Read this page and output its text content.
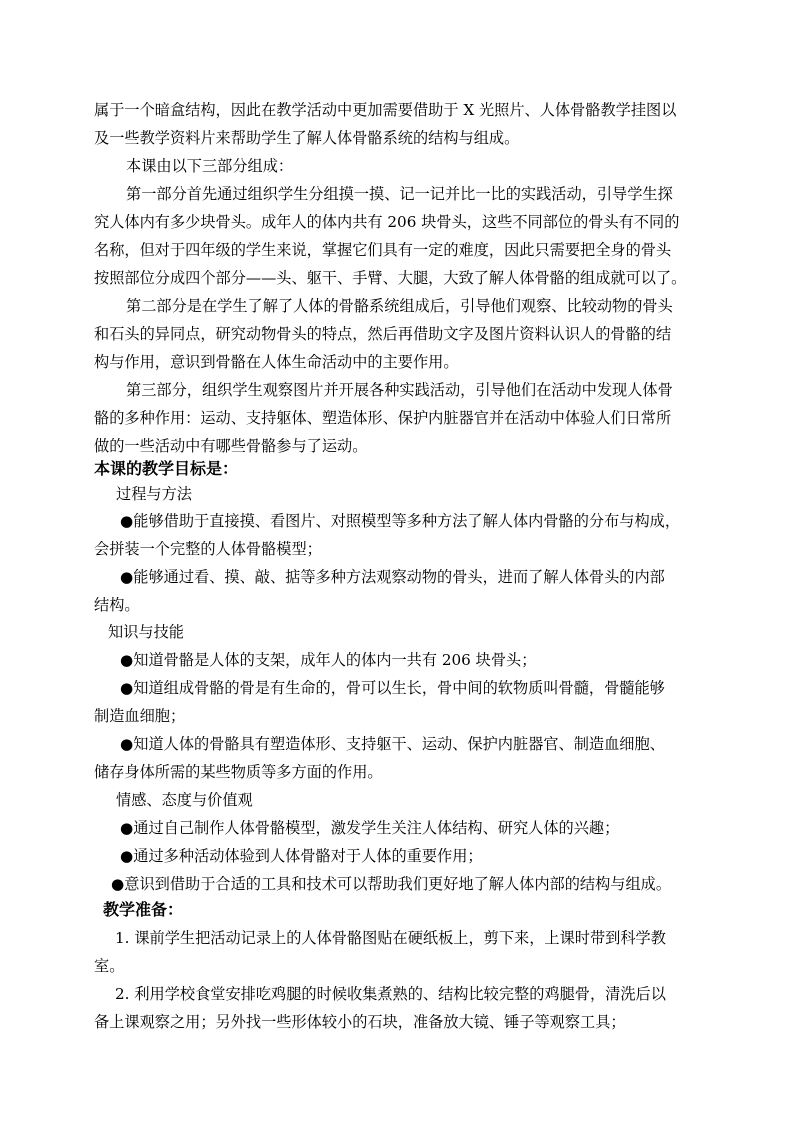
属于一个暗盒结构，因此在教学活动中更加需要借助于 X 光照片、人体骨骼教学挂图以
及一些教学资料片来帮助学生了解人体骨骼系统的结构与组成。
本课由以下三部分组成：
第一部分首先通过组织学生分组摸一摸、记一记并比一比的实践活动，引导学生探
究人体内有多少块骨头。成年人的体内共有 206 块骨头，这些不同部位的骨头有不同的
名称，但对于四年级的学生来说，掌握它们具有一定的难度，因此只需要把全身的骨头
按照部位分成四个部分——头、躯干、手臂、大腿，大致了解人体骨骼的组成就可以了。
第二部分是在学生了解了人体的骨骼系统组成后，引导他们观察、比较动物的骨头
和石头的异同点，研究动物骨头的特点，然后再借助文字及图片资料认识人的骨骼的结
构与作用，意识到骨骼在人体生命活动中的主要作用。
第三部分，组织学生观察图片并开展各种实践活动，引导他们在活动中发现人体骨
骼的多种作用：运动、支持躯体、塑造体形、保护内脏器官并在活动中体验人们日常所
做的一些活动中有哪些骨骼参与了运动。
本课的教学目标是：
过程与方法
●能够借助于直接摸、看图片、对照模型等多种方法了解人体内骨骼的分布与构成，
会拼装一个完整的人体骨骼模型；
●能够通过看、摸、敲、掂等多种方法观察动物的骨头，进而了解人体骨头的内部
结构。
知识与技能
●知道骨骼是人体的支架，成年人的体内一共有 206 块骨头；
●知道组成骨骼的骨是有生命的，骨可以生长，骨中间的软物质叫骨髓，骨髓能够
制造血细胞；
●知道人体的骨骼具有塑造体形、支持躯干、运动、保护内脏器官、制造血细胞、
储存身体所需的某些物质等多方面的作用。
情感、态度与价值观
●通过自己制作人体骨骼模型，激发学生关注人体结构、研究人体的兴趣；
●通过多种活动体验到人体骨骼对于人体的重要作用；
●意识到借助于合适的工具和技术可以帮助我们更好地了解人体内部的结构与组成。
教学准备：
1. 课前学生把活动记录上的人体骨骼图贴在硬纸板上，剪下来，上课时带到科学教
室。
2. 利用学校食堂安排吃鸡腿的时候收集煮熟的、结构比较完整的鸡腿骨，清洗后以
备上课观察之用；另外找一些形体较小的石块，准备放大镜、锤子等观察工具；
